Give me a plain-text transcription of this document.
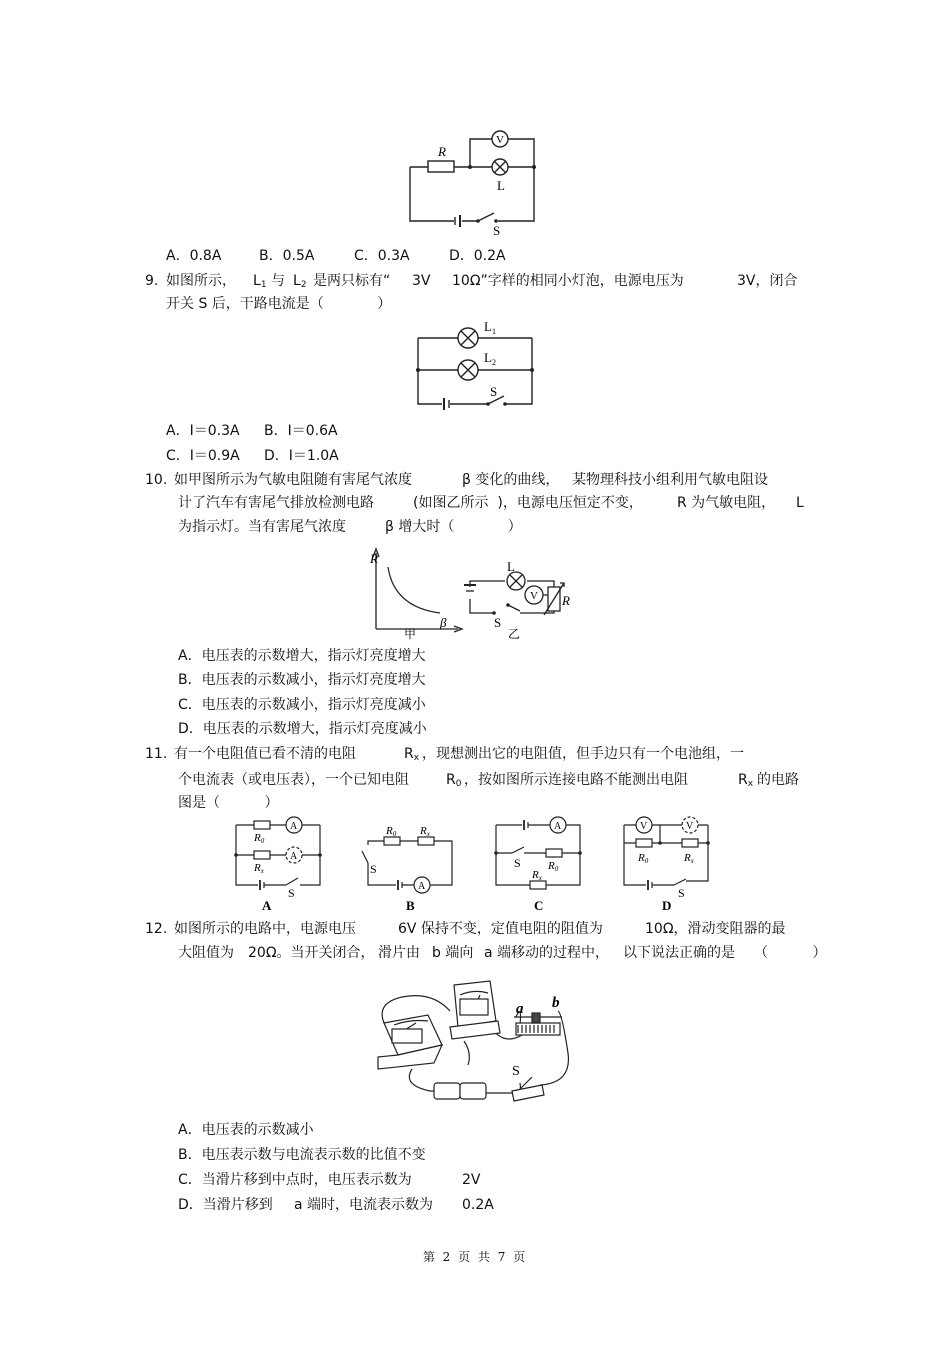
R
V
L
S
A．0.8A	B．0.5A	C．0.3A	D．0.2A
9. 如图所示， $L_1$ 与 $L_2$ 是两只标有“ 3V 10Ω”字样的相同小灯泡，电源电压为	3V，闭合
开关 S 后，干路电流是（            ）
$L_1$
$L_2$
S
A．I＝0.3A B．I＝0.6A
C．I＝0.9A D．I＝1.0A
10. 如甲图所示为气敏电阻随有害尾气浓度	β 变化的曲线， 某物理科技小组利用气敏电阻设
计了汽车有害尾气排放检测电路	(如图乙所示  )，电源电压恒定不变， R 为气敏电阻， L
为指示灯。当有害尾气浓度	β 增大时（            ）
R
β
甲
L
V R
S
乙
A．电压表的示数增大，指示灯亮度增大
B．电压表的示数减小，指示灯亮度增大
C．电压表的示数减小，指示灯亮度减小
D．电压表的示数增大，指示灯亮度减小
11. 有一个电阻值已看不清的电阻	$R_x$ ，现想测出它的电阻值，但手边只有一个电池组，一
个电流表（或电压表），一个已知电阻	$R_0$ ，按如图所示连接电路不能测出电阻	$R_x$ 的电路
图是（          ）
R0
Rx
R0 Rx
R0
Rx
R0	Rx
A
A
A
A	V	V
S
S	S
S
A	B	C	D
12. 如图所示的电路中，电源电压	6V 保持不变，定值电阻的阻值为	10Ω，滑动变阻器的最
大阻值为 20Ω。当开关闭合， 滑片由 b 端向 a 端移动的过程中， 以下说法正确的是 （          ）
a b
S
A．电压表的示数减小
B．电压表示数与电流表示数的比值不变
C．当滑片移到中点时，电压表示数为	2V
D．当滑片移到 a 端时，电流表示数为 0.2A
第 2 页 共 7 页
